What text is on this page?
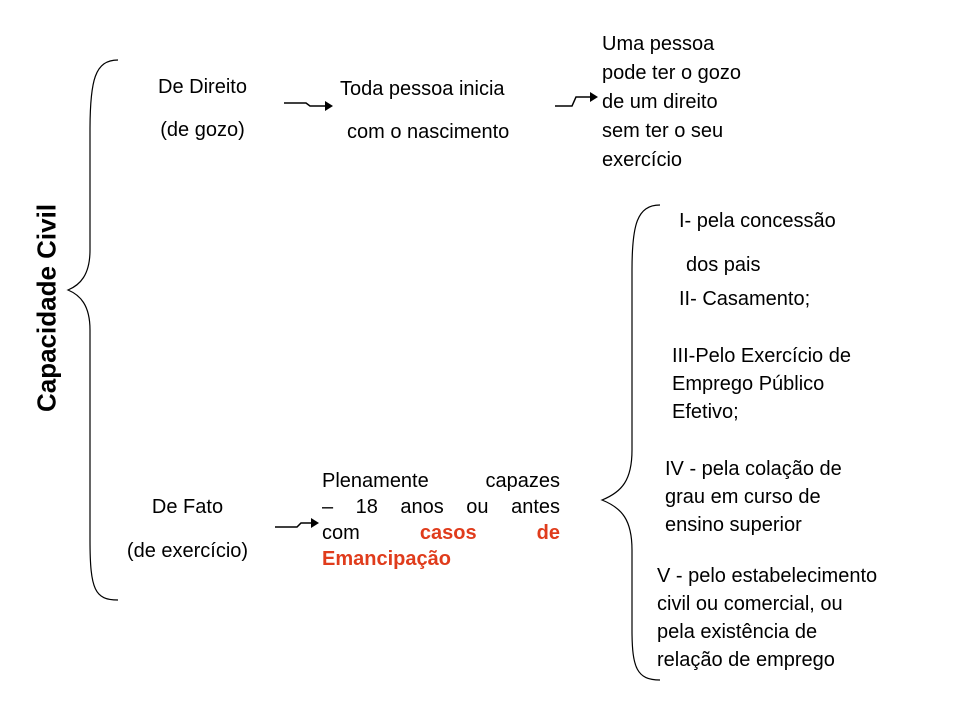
Capacidade Civil
De Direito
(de gozo)
Toda pessoa inicia
com o nascimento
Uma pessoa
pode ter o gozo
de um direito
sem ter o seu
exercício
De Fato
(de exercício)
Plenamente capazes
– 18 anos ou antes
com	casos	de
Emancipação
I- pela concessão
dos pais
II- Casamento;
III-Pelo Exercício de
Emprego Público
Efetivo;
IV - pela colação de
grau em curso de
ensino superior
V - pelo estabelecimento
civil ou comercial, ou
pela existência de
relação de emprego
